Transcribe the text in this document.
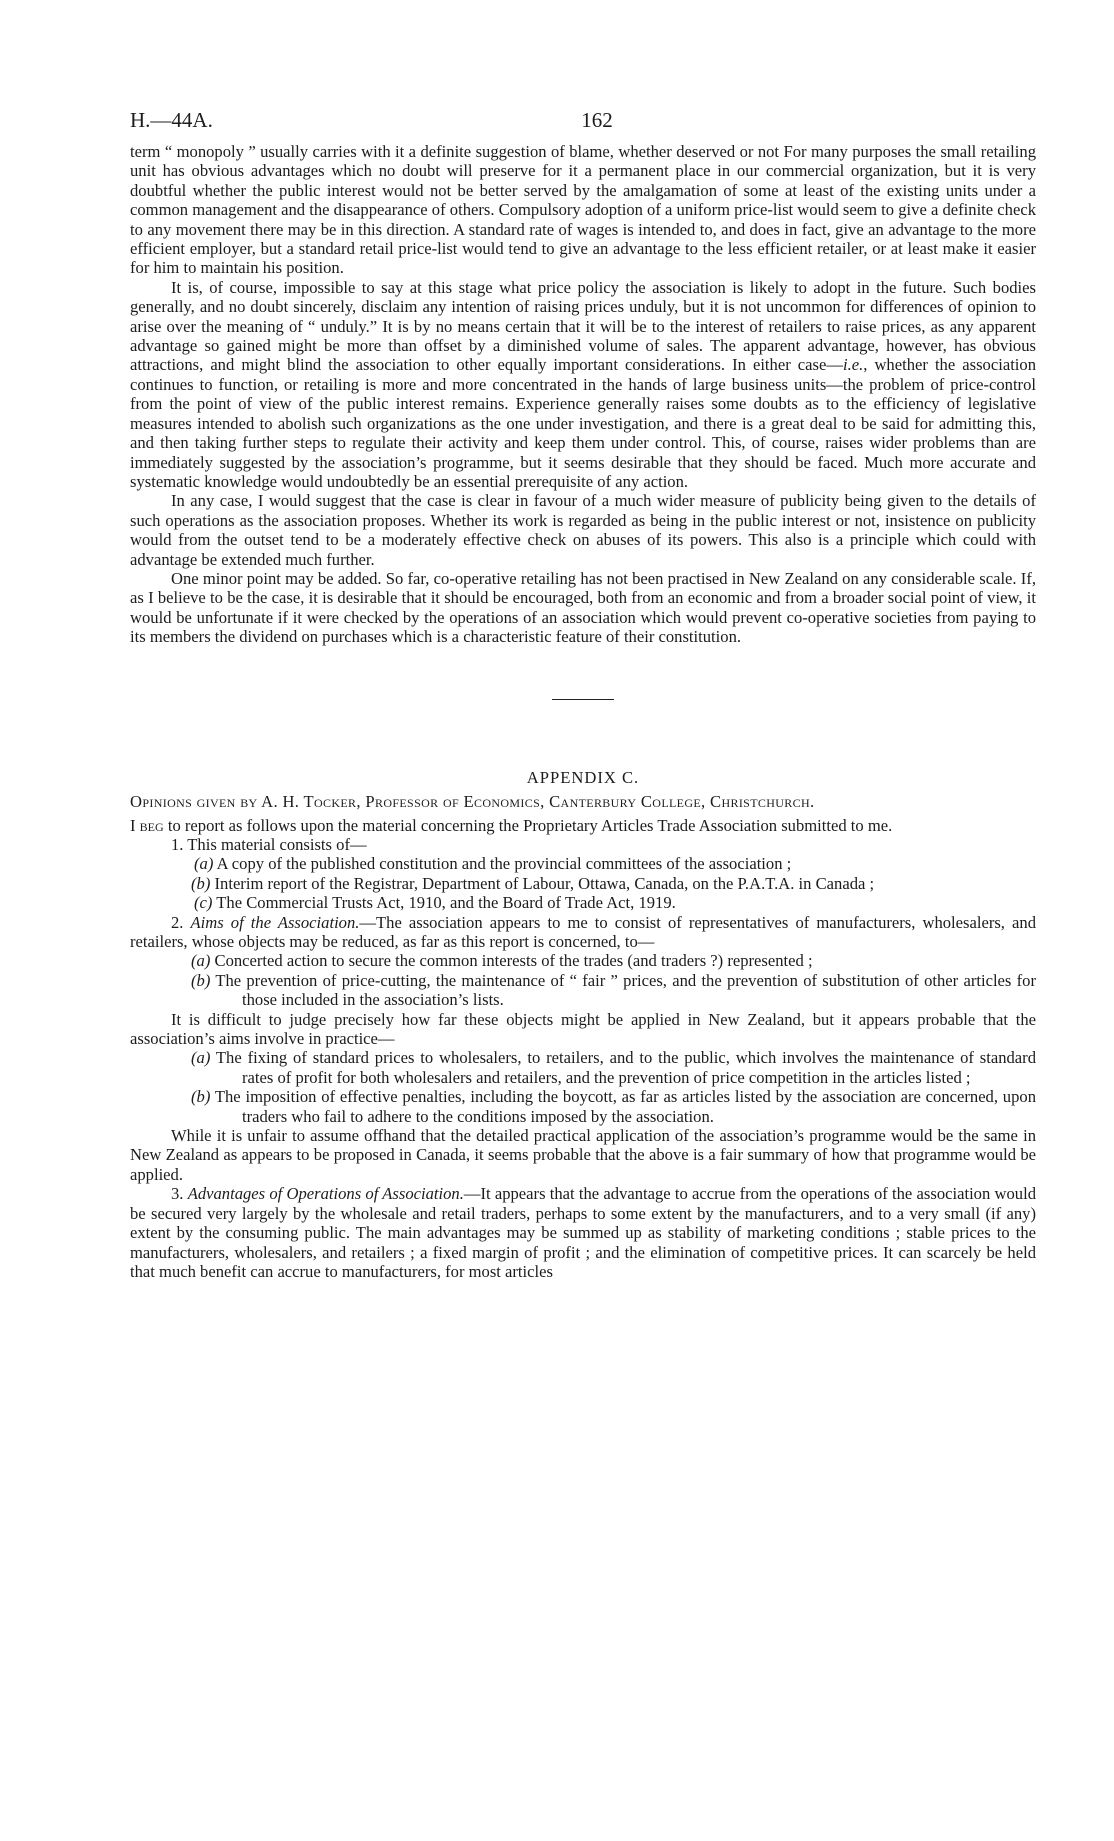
H.—44A.	162

term “ monopoly ” usually carries with it a definite suggestion of blame, whether deserved or not For many purposes the small retailing unit has obvious advantages which no doubt will preserve for it a permanent place in our commercial organization, but it is very doubtful whether the public interest would not be better served by the amalgamation of some at least of the existing units under a common management and the disappearance of others. Compulsory adoption of a uniform price-list would seem to give a definite check to any movement there may be in this direction. A standard rate of wages is intended to, and does in fact, give an advantage to the more efficient employer, but a standard retail price-list would tend to give an advantage to the less efficient retailer, or at least make it easier for him to maintain his position.

It is, of course, impossible to say at this stage what price policy the association is likely to adopt in the future. Such bodies generally, and no doubt sincerely, disclaim any intention of raising prices unduly, but it is not uncommon for differences of opinion to arise over the meaning of “ unduly.” It is by no means certain that it will be to the interest of retailers to raise prices, as any apparent advantage so gained might be more than offset by a diminished volume of sales. The apparent advantage, however, has obvious attractions, and might blind the association to other equally important considerations. In either case—i.e., whether the association continues to function, or retailing is more and more concentrated in the hands of large business units—the problem of price-control from the point of view of the public interest remains. Experience generally raises some doubts as to the efficiency of legislative measures intended to abolish such organizations as the one under investigation, and there is a great deal to be said for admitting this, and then taking further steps to regulate their activity and keep them under control. This, of course, raises wider problems than are immediately suggested by the association’s programme, but it seems desirable that they should be faced. Much more accurate and systematic knowledge would undoubtedly be an essential prerequisite of any action.

In any case, I would suggest that the case is clear in favour of a much wider measure of publicity being given to the details of such operations as the association proposes. Whether its work is regarded as being in the public interest or not, insistence on publicity would from the outset tend to be a moderately effective check on abuses of its powers. This also is a principle which could with advantage be extended much further.

One minor point may be added. So far, co-operative retailing has not been practised in New Zealand on any considerable scale. If, as I believe to be the case, it is desirable that it should be encouraged, both from an economic and from a broader social point of view, it would be unfortunate if it were checked by the operations of an association which would prevent co-operative societies from paying to its members the dividend on purchases which is a characteristic feature of their constitution.

APPENDIX C.
Opinions given by A. H. Tocker, Professor of Economics, Canterbury College, Christchurch.

I beg to report as follows upon the material concerning the Proprietary Articles Trade Association submitted to me.

1. This material consists of—

(a) A copy of the published constitution and the provincial committees of the association ;

(b) Interim report of the Registrar, Department of Labour, Ottawa, Canada, on the P.A.T.A. in Canada ;

(c) The Commercial Trusts Act, 1910, and the Board of Trade Act, 1919.

2. Aims of the Association.—The association appears to me to consist of representatives of manufacturers, wholesalers, and retailers, whose objects may be reduced, as far as this report is concerned, to—

(a) Concerted action to secure the common interests of the trades (and traders ?) represented ;

(b) The prevention of price-cutting, the maintenance of “ fair ” prices, and the prevention of substitution of other articles for those included in the association’s lists.

It is difficult to judge precisely how far these objects might be applied in New Zealand, but it appears probable that the association’s aims involve in practice—

(a) The fixing of standard prices to wholesalers, to retailers, and to the public, which involves the maintenance of standard rates of profit for both wholesalers and retailers, and the prevention of price competition in the articles listed ;

(b) The imposition of effective penalties, including the boycott, as far as articles listed by the association are concerned, upon traders who fail to adhere to the conditions imposed by the association.

While it is unfair to assume offhand that the detailed practical application of the association’s programme would be the same in New Zealand as appears to be proposed in Canada, it seems probable that the above is a fair summary of how that programme would be applied.

3. Advantages of Operations of Association.—It appears that the advantage to accrue from the operations of the association would be secured very largely by the wholesale and retail traders, perhaps to some extent by the manufacturers, and to a very small (if any) extent by the consuming public. The main advantages may be summed up as stability of marketing conditions ; stable prices to the manufacturers, wholesalers, and retailers ; a fixed margin of profit ; and the elimination of competitive prices. It can scarcely be held that much benefit can accrue to manufacturers, for most articles
